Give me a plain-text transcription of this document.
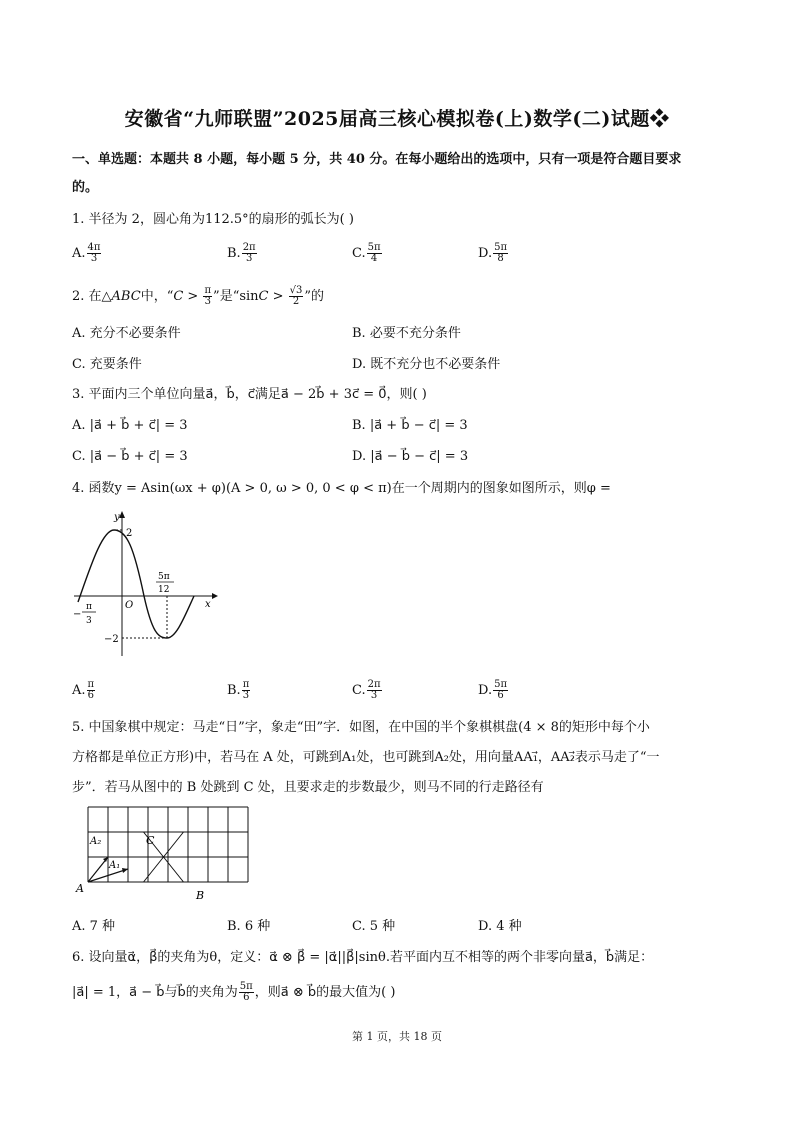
安徽省“九师联盟”2025届高三核心模拟卷(上)数学(二)试题❖
一、单选题：本题共 8 小题，每小题 5 分，共 40 分。在每小题给出的选项中，只有一项是符合题目要求
的。
1. 半径为 2，圆心角为112.5°的扇形的弧长为( )
A. $\frac{4\pi}{3}$	B. $\frac{2\pi}{3}$	C. $\frac{5\pi}{4}$	D. $\frac{5\pi}{8}$
2. 在△ABC中，“$C > \frac{\pi}{3}$ ”是“$\sin C > \frac{√3}{2}$ ”的
A. 充分不必要条件	B. 必要不充分条件
C. 充要条件	D. 既不充分也不必要条件
3. 平面内三个单位向量a⃗，b⃗，c⃗满足a⃗ − 2b⃗ + 3c⃗ = 0⃗，则( )
A. |a⃗ + b⃗ + c⃗| = 3	B. |a⃗ + b⃗ − c⃗| = 3
C. |a⃗ − b⃗ + c⃗| = 3	D. |a⃗ − b⃗ − c⃗| = 3
4. 函数y = Asin(ωx + φ)(A > 0, ω > 0, 0 < φ < π)在一个周期内的图象如图所示，则φ =
y
x
O
2
−2
−
π
3
5π
12
A. $\frac{\pi}{6}$	B. $\frac{\pi}{3}$	C. $\frac{2\pi}{3}$	D. $\frac{5\pi}{6}$
5. 中国象棋中规定：马走“日”字，象走“田”字．如图，在中国的半个象棋棋盘(4 × 8的矩形中每个小
方格都是单位正方形)中，若马在 A 处，可跳到A₁处，也可跳到A₂处，用向量AA₁⃗，AA₂⃗表示马走了“一
步”．若马从图中的 B 处跳到 C 处，且要求走的步数最少，则马不同的行走路径有
A
A₁
A₂	C
B
A. 7 种	B. 6 种	C. 5 种	D. 4 种
6. 设向量α⃗，β⃗的夹角为θ，定义：α⃗ ⊗ β⃗ = |α⃗||β⃗|sinθ.若平面内互不相等的两个非零向量a⃗，b⃗满足：
|a⃗| = 1，a⃗ − b⃗与b⃗的夹角为 $\frac{5\pi}{6}$ ，则a⃗ ⊗ b⃗的最大值为( )
第 1 页，共 18 页
